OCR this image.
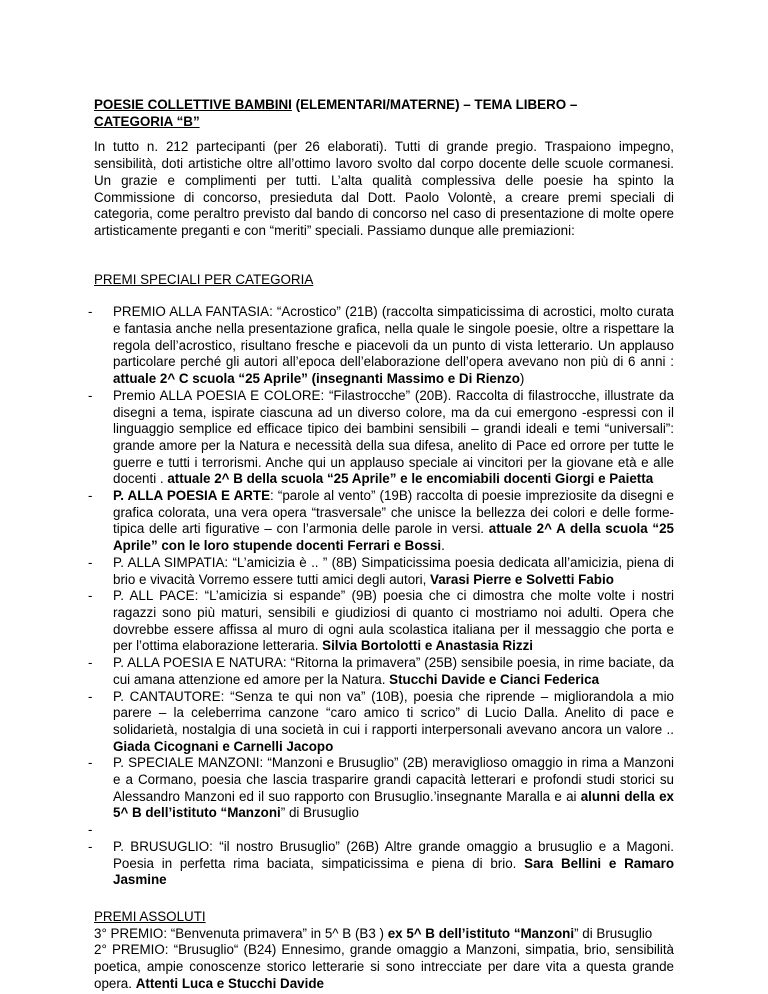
POESIE COLLETTIVE BAMBINI (ELEMENTARI/MATERNE) – TEMA LIBERO –
CATEGORIA “B”
In tutto n. 212 partecipanti (per 26 elaborati). Tutti di grande pregio. Traspaiono impegno, sensibilità, doti artistiche oltre all’ottimo lavoro svolto dal corpo docente delle scuole cormanesi. Un grazie e complimenti per tutti. L’alta qualità complessiva delle poesie ha spinto la Commissione di concorso, presieduta dal Dott. Paolo Volontè, a creare premi speciali di categoria, come peraltro previsto dal bando di concorso nel caso di presentazione di molte opere artisticamente preganti e con “meriti” speciali. Passiamo dunque alle premiazioni:
PREMI SPECIALI PER CATEGORIA
- PREMIO ALLA FANTASIA: “Acrostico” (21B) (raccolta simpaticissima di acrostici, molto curata e fantasia anche nella presentazione grafica, nella quale le singole poesie, oltre a rispettare la regola dell’acrostico, risultano fresche e piacevoli da un punto di vista letterario. Un applauso particolare perché gli autori all’epoca dell’elaborazione dell’opera avevano non più di 6 anni : attuale 2^ C scuola “25 Aprile” (insegnanti Massimo e Di Rienzo)
- Premio ALLA POESIA E COLORE: “Filastrocche” (20B). Raccolta di filastrocche, illustrate da disegni a tema, ispirate ciascuna ad un diverso colore, ma da cui emergono -espressi con il linguaggio semplice ed efficace tipico dei bambini sensibili – grandi ideali e temi “universali”: grande amore per la Natura e necessità della sua difesa, anelito di Pace ed orrore per tutte le guerre e tutti i terrorismi. Anche qui un applauso speciale ai vincitori per la giovane età e alle docenti . attuale 2^ B della scuola “25 Aprile” e le encomiabili docenti Giorgi e Paietta
- P. ALLA POESIA E ARTE: “parole al vento” (19B) raccolta di poesie impreziosite da disegni e grafica colorata, una vera opera “trasversale” che unisce la bellezza dei colori e delle forme-tipica delle arti figurative – con l’armonia delle parole in versi. attuale 2^ A della scuola “25 Aprile” con le loro stupende docenti Ferrari e Bossi.
- P. ALLA SIMPATIA: “L’amicizia è .. ” (8B) Simpaticissima poesia dedicata all’amicizia, piena di brio e vivacità Vorremo essere tutti amici degli autori, Varasi Pierre e Solvetti Fabio
- P. ALL PACE: “L’amicizia si espande” (9B) poesia che ci dimostra che molte volte i nostri ragazzi sono più maturi, sensibili e giudiziosi di quanto ci mostriamo noi adulti. Opera che dovrebbe essere affissa al muro di ogni aula scolastica italiana per il messaggio che porta e per l’ottima elaborazione letteraria. Silvia Bortolotti e Anastasia Rizzi
- P. ALLA POESIA E NATURA: “Ritorna la primavera” (25B) sensibile poesia, in rime baciate, da cui amana attenzione ed amore per la Natura. Stucchi Davide e Cianci Federica
- P. CANTAUTORE: “Senza te qui non va” (10B), poesia che riprende – migliorandola a mio parere – la celeberrima canzone “caro amico ti scrico” di Lucio Dalla. Anelito di pace e solidarietà, nostalgia di una società in cui i rapporti interpersonali avevano ancora un valore .. Giada Cicognani e Carnelli Jacopo
- P. SPECIALE MANZONI: “Manzoni e Brusuglio” (2B) meraviglioso omaggio in rima a Manzoni e a Cormano, poesia che lascia trasparire grandi capacità letterari e profondi studi storici su Alessandro Manzoni ed il suo rapporto con Brusuglio.’insegnante Maralla e ai alunni della ex 5^ B dell’istituto “Manzoni” di Brusuglio
-
- P. BRUSUGLIO: “il nostro Brusuglio” (26B) Altre grande omaggio a brusuglio e a Magoni. Poesia in perfetta rima baciata, simpaticissima e piena di brio. Sara Bellini e Ramaro Jasmine
PREMI ASSOLUTI

3° PREMIO: “Benvenuta primavera” in 5^ B (B3 ) ex 5^ B dell’istituto “Manzoni” di Brusuglio

2° PREMIO: “Brusuglio“ (B24) Ennesimo, grande omaggio a Manzoni, simpatia, brio, sensibilità poetica, ampie conoscenze storico letterarie si sono intrecciate per dare vita a questa grande opera. Attenti Luca e Stucchi Davide
